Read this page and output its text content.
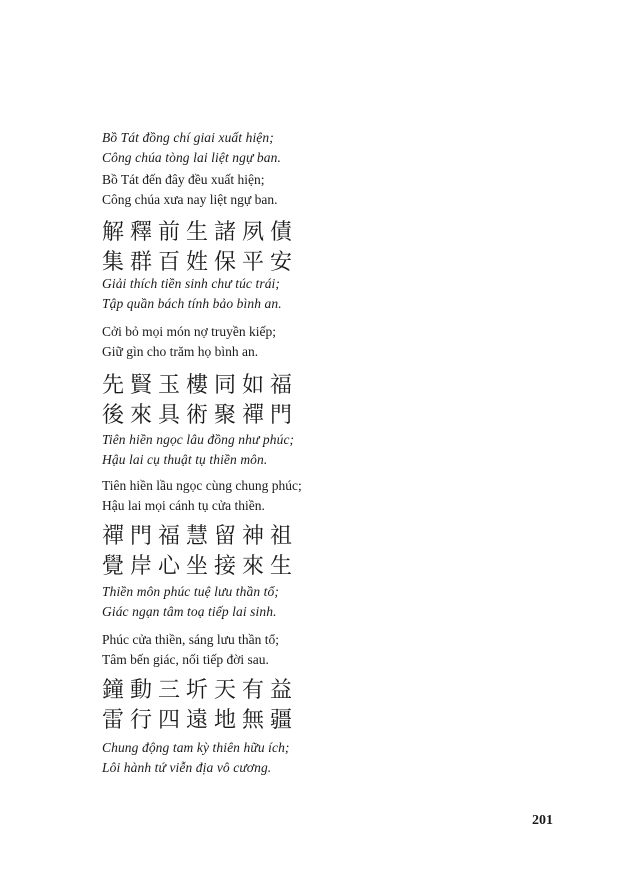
Bồ Tát đồng chí giai xuất hiện;
Công chúa tòng lai liệt ngự ban.
Bồ Tát đến đây đều xuất hiện;
Công chúa xưa nay liệt ngự ban.
解釋前生諸夙債
集群百姓保平安
Giải thích tiền sinh chư túc trái;
Tập quần bách tính bảo bình an.
Cởi bỏ mọi món nợ truyền kiếp;
Giữ gìn cho trăm họ bình an.
先賢玉樓同如福
後來具術聚禪門
Tiên hiền ngọc lâu đồng như phúc;
Hậu lai cụ thuật tụ thiền môn.
Tiên hiền lầu ngọc cùng chung phúc;
Hậu lai mọi cánh tụ cửa thiền.
禪門福慧留神祖
覺岸心坐接來生
Thiền môn phúc tuệ lưu thần tổ;
Giác ngạn tâm toạ tiếp lai sinh.
Phúc cửa thiền, sáng lưu thần tổ;
Tâm bến giác, nối tiếp đời sau.
鐘動三圻天有益
雷行四遠地無疆
Chung động tam kỳ thiên hữu ích;
Lôi hành tứ viễn địa vô cương.
201
